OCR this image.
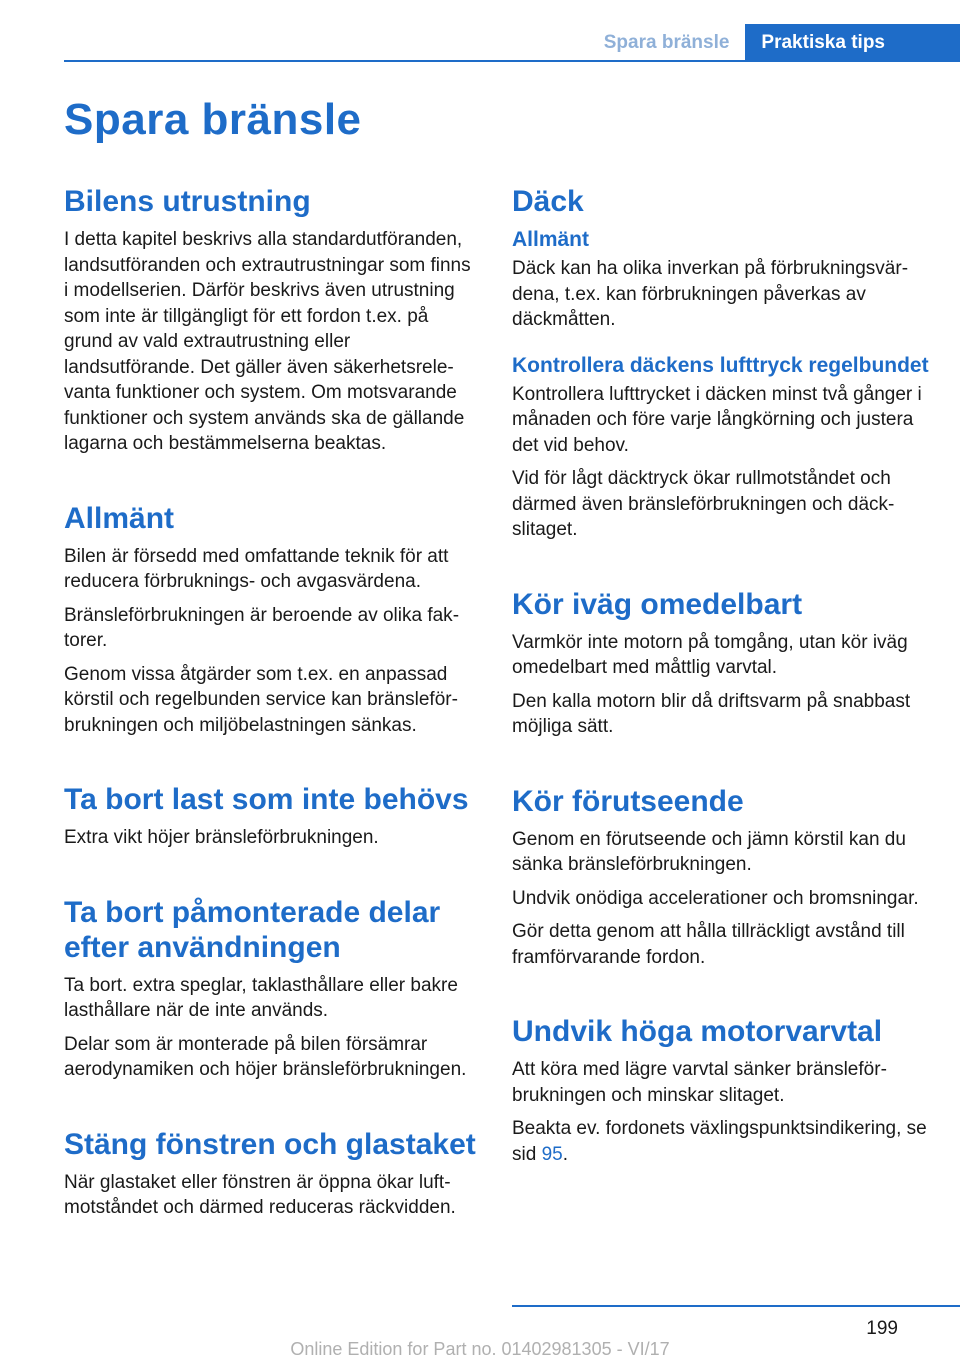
Spara bränsle	Praktiska tips
Spara bränsle
Bilens utrustning

I detta kapitel beskrivs alla standardutföranden, landsutföranden och extrautrustningar som finns i modellserien. Därför beskrivs även utrustning som inte är tillgängligt för ett fordon t.ex. på grund av vald extrautrustning eller landsutförande. Det gäller även säkerhetsrelevanta funktioner och system. Om motsvarande funktioner och system används ska de gällande lagarna och bestämmelserna beaktas.

Allmänt

Bilen är försedd med omfattande teknik för att reducera förbruknings- och avgasvärdena.

Bränsleförbrukningen är beroende av olika faktorer.

Genom vissa åtgärder som t.ex. en anpassad körstil och regelbunden service kan bränsleförbrukningen och miljöbelastningen sänkas.

Ta bort last som inte behövs

Extra vikt höjer bränsleförbrukningen.

Ta bort påmonterade delar efter användningen

Ta bort. extra speglar, taklasthållare eller bakre lasthållare när de inte används.

Delar som är monterade på bilen försämrar aerodynamiken och höjer bränsleförbrukningen.

Stäng fönstren och glastaket

När glastaket eller fönstren är öppna ökar luftmotståndet och därmed reduceras räckvidden.

Däck
Allmänt

Däck kan ha olika inverkan på förbrukningsvärdena, t.ex. kan förbrukningen påverkas av däckmåtten.

Kontrollera däckens lufttryck regelbundet

Kontrollera lufttrycket i däcken minst två gånger i månaden och före varje långkörning och justera det vid behov.

Vid för lågt däcktryck ökar rullmotståndet och därmed även bränsleförbrukningen och däckslitaget.

Kör iväg omedelbart

Varmkör inte motorn på tomgång, utan kör iväg omedelbart med måttlig varvtal.

Den kalla motorn blir då driftsvarm på snabbast möjliga sätt.

Kör förutseende

Genom en förutseende och jämn körstil kan du sänka bränsleförbrukningen.

Undvik onödiga accelerationer och bromsningar.

Gör detta genom att hålla tillräckligt avstånd till framförvarande fordon.

Undvik höga motorvarvtal

Att köra med lägre varvtal sänker bränsleförbrukningen och minskar slitaget.

Beakta ev. fordonets växlingspunktsindikering, se sid 95.

199
Online Edition for Part no. 01402981305 - VI/17
